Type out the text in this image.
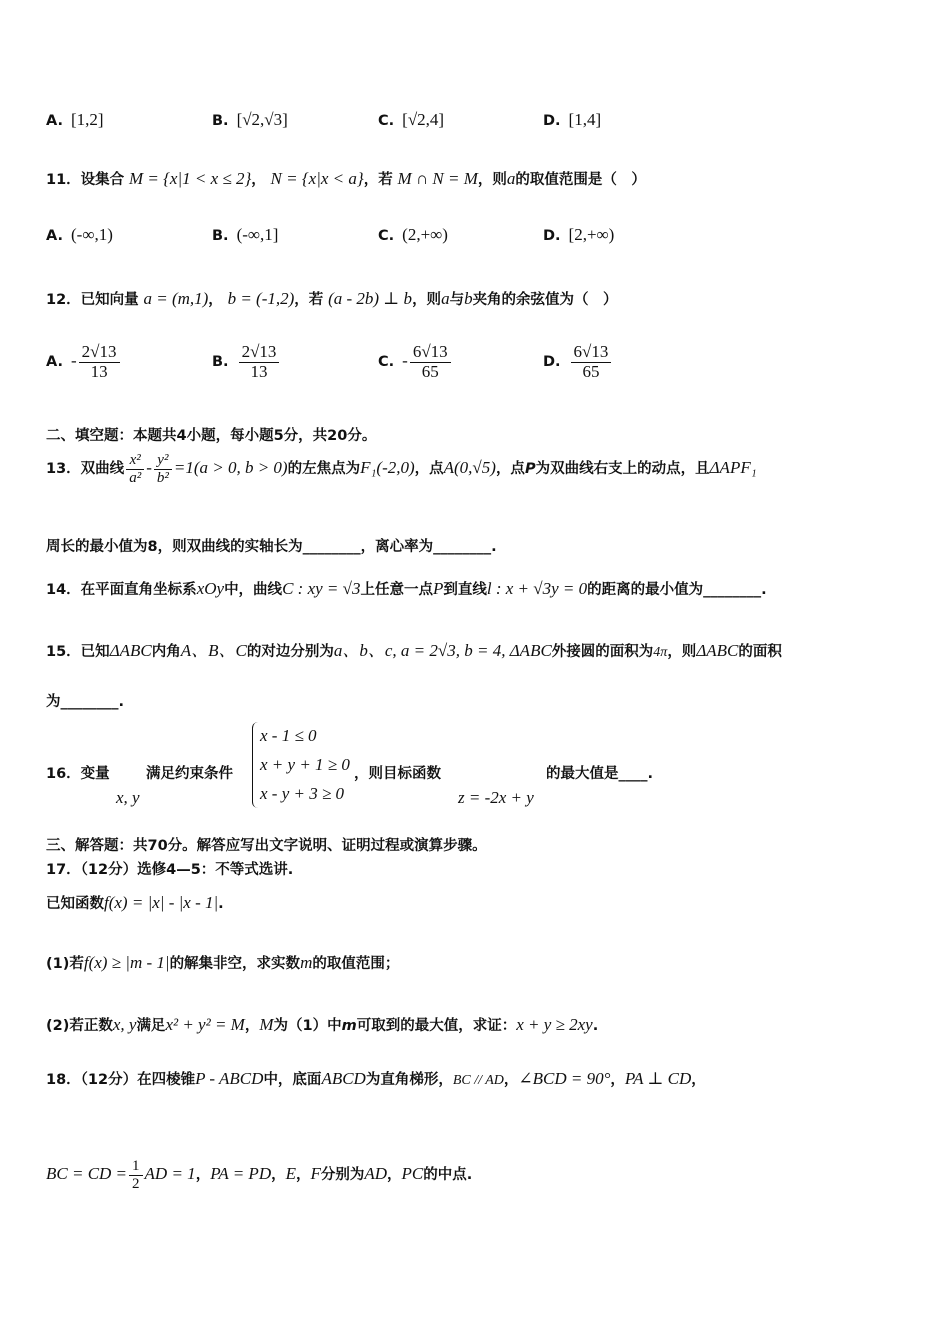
A. [1,2]	B. [√2,√3]	C. [√2,4]	D. [1,4]
11．设集合 M = {x|1 < x ≤ 2}， N = {x|x < a}，若 M ∩ N = M，则a的取值范围是（　）
A. (-∞,1)	B. (-∞,1]	C. (2,+∞)	D. [2,+∞)
12．已知向量 a = (m,1)， b = (-1,2)，若 (a - 2b) ⊥ b，则a与b夹角的余弦值为（　）
A. - $\frac{2√13}{13}$	B. $\frac{2√13}{13}$	C. - $\frac{6√13}{65}$	D. $\frac{6√13}{65}$
二、填空题：本题共4小题，每小题5分，共20分。
13．双曲线 $\frac{\text{x²}}{\text{a²}} - \frac{\text{y²}}{\text{b²}} =1(a > 0$, b > 0)的左焦点为F₁(-2,0)，点A(0,√5)，点P为双曲线右支上的动点，且ΔAPF₁
周长的最小值为8，则双曲线的实轴长为________，离心率为________.
14．在平面直角坐标系xOy中，曲线C : xy = √3上任意一点P到直线l : x + √3y = 0的距离的最小值为________.
15．已知ΔABC内角A、B、C的对边分别为a、b、c, a = 2√3, b = 4, ΔABC外接圆的面积为4π，则ΔABC的面积
为________.
16．变量
x, y
满足约束条件
x - 1 ≤ 0
x + y + 1 ≥ 0
x - y + 3 ≥ 0
，则目标函数
z = -2x + y
的最大值是____.
三、解答题：共70分。解答应写出文字说明、证明过程或演算步骤。
17．（12分）选修4—5：不等式选讲.
已知函数f(x) = |x| - |x - 1|.
(1)若f(x) ≥ |m - 1|的解集非空，求实数m的取值范围；
(2)若正数x, y满足x² + y² = M，M为（1）中m可取到的最大值，求证：x + y ≥ 2xy.
18．（12分）在四棱锥P - ABCD中，底面ABCD为直角梯形，BC // AD，∠BCD = 90°，PA ⊥ CD，
BC = CD = $\frac{1}{2}$ AD = 1，PA = PD，E，F分别为AD，PC的中点.
